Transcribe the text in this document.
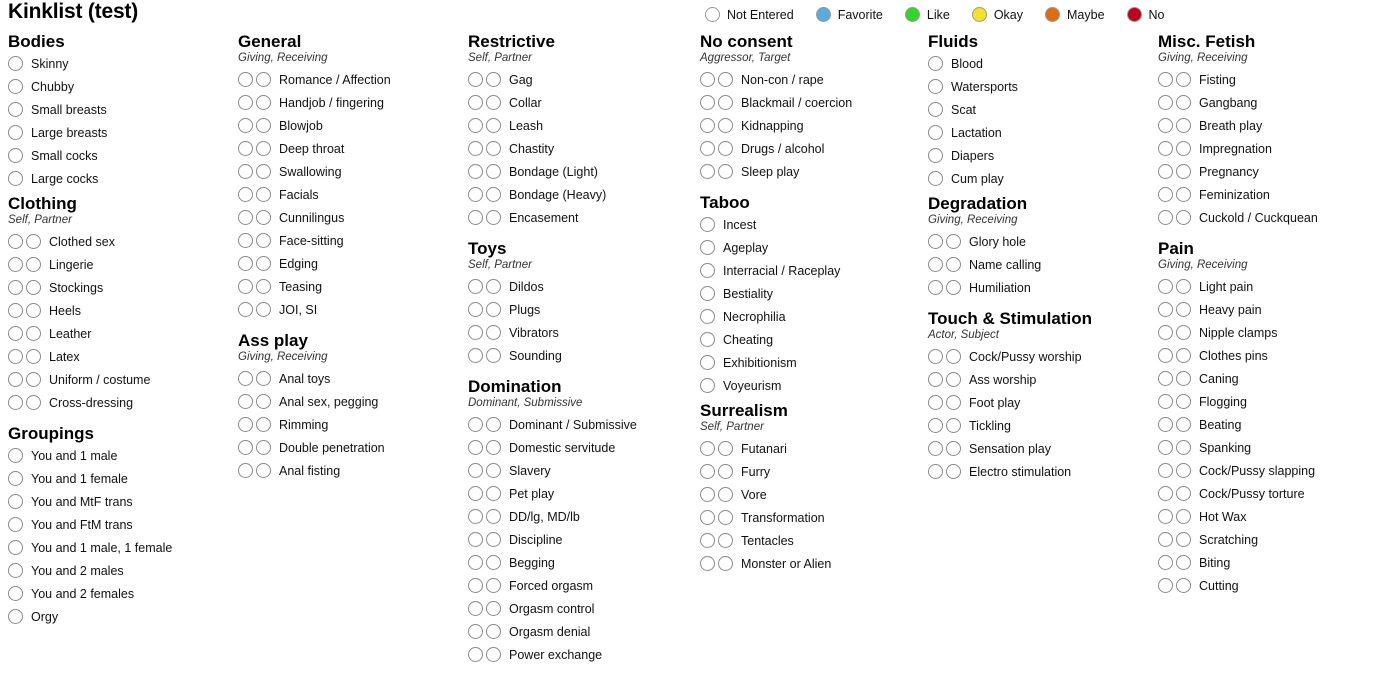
Kinklist (test)	Not Entered	Favorite	Like	Okay	Maybe	No
Bodies
Skinny
Chubby
Small breasts
Large breasts
Small cocks
Large cocks
Clothing
Self, Partner
Clothed sex
Lingerie
Stockings
Heels
Leather
Latex
Uniform / costume
Cross-dressing
Groupings
You and 1 male
You and 1 female
You and MtF trans
You and FtM trans
You and 1 male, 1 female
You and 2 males
You and 2 females
Orgy
General
Giving, Receiving
Romance / Affection
Handjob / fingering
Blowjob
Deep throat
Swallowing
Facials
Cunnilingus
Face-sitting
Edging
Teasing
JOI, SI
Ass play
Giving, Receiving
Anal toys
Anal sex, pegging
Rimming
Double penetration
Anal fisting
Restrictive
Self, Partner
Gag
Collar
Leash
Chastity
Bondage (Light)
Bondage (Heavy)
Encasement
Toys
Self, Partner
Dildos
Plugs
Vibrators
Sounding
Domination
Dominant, Submissive
Dominant / Submissive
Domestic servitude
Slavery
Pet play
DD/lg, MD/lb
Discipline
Begging
Forced orgasm
Orgasm control
Orgasm denial
Power exchange
No consent
Aggressor, Target
Non-con / rape
Blackmail / coercion
Kidnapping
Drugs / alcohol
Sleep play
Taboo
Incest
Ageplay
Interracial / Raceplay
Bestiality
Necrophilia
Cheating
Exhibitionism
Voyeurism
Surrealism
Self, Partner
Futanari
Furry
Vore
Transformation
Tentacles
Monster or Alien
Fluids
Blood
Watersports
Scat
Lactation
Diapers
Cum play
Degradation
Giving, Receiving
Glory hole
Name calling
Humiliation
Touch & Stimulation
Actor, Subject
Cock/Pussy worship
Ass worship
Foot play
Tickling
Sensation play
Electro stimulation
Misc. Fetish
Giving, Receiving
Fisting
Gangbang
Breath play
Impregnation
Pregnancy
Feminization
Cuckold / Cuckquean
Pain
Giving, Receiving
Light pain
Heavy pain
Nipple clamps
Clothes pins
Caning
Flogging
Beating
Spanking
Cock/Pussy slapping
Cock/Pussy torture
Hot Wax
Scratching
Biting
Cutting
